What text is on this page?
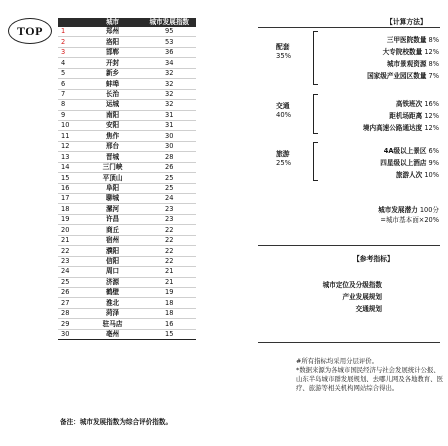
TOP
	城市	城市发展指数
1	郑州	95
2	洛阳	53
3	邯郸	36
4	开封	34
5	新乡	32
6	蚌埠	32
7	长治	32
8	运城	32
9	南阳	31
10	安阳	31
11	焦作	30
12	邢台	30
13	晋城	28
14	三门峡	26
15	平顶山	25
16	阜阳	25
17	聊城	24
18	漯河	23
19	许昌	23
20	商丘	22
21	宿州	22
22	濮阳	22
23	信阳	22
24	周口	21
25	济源	21
26	鹤壁	19
27	淮北	18
28	菏泽	18
29	驻马店	16
30	亳州	15
备注：城市发展指数为综合评价指数。
【计算方法】
配套
35%
三甲医院数量 8%
大专院校数量 12%
城市景观资源 8%
国家级产业园区数量 7%
交通
40%
高铁班次 16%
距机场距离 12%
境内高速公路通达度 12%
旅游
25%
4A级以上景区 6%
四星级以上酒店 9%
旅游人次 10%
城市发展潜力 100分
=城市基本面×20%
【参考指标】
城市定位及分级指数
产业发展规划
交通规划
#所有指标均采用分层评价。
*数据来源为各城市国民经济与社会发展统计公报、山东半岛城市群发展规划、去哪儿网及各地教育、医疗、旅游等相关机构网站综合得出。
